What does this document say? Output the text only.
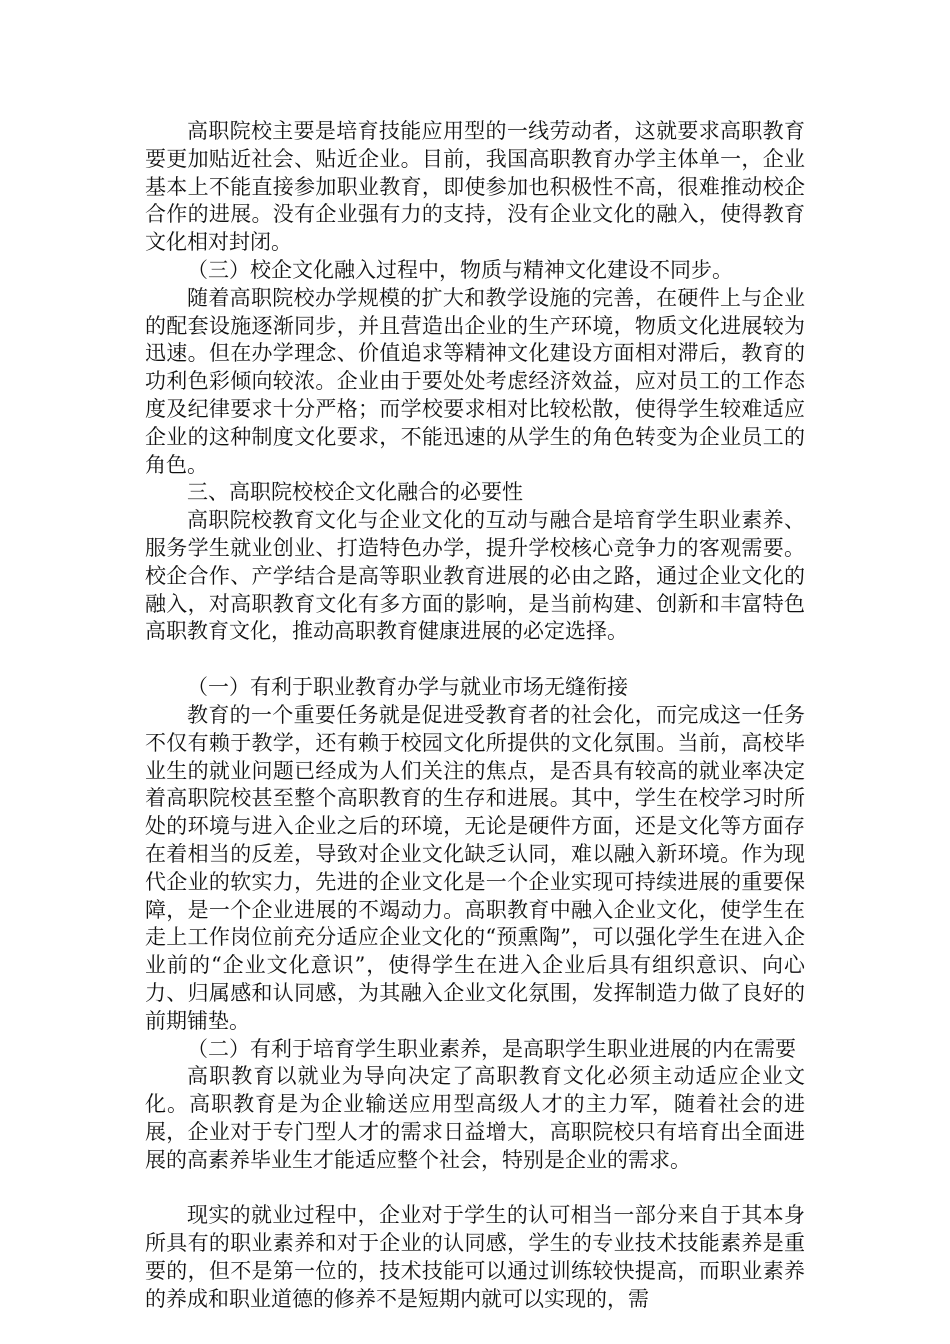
高职院校主要是培育技能应用型的一线劳动者，这就要求高职教育要更加贴近社会、贴近企业。目前，我国高职教育办学主体单一，企业基本上不能直接参加职业教育，即使参加也积极性不高，很难推动校企合作的进展。没有企业强有力的支持，没有企业文化的融入，使得教育文化相对封闭。

（三）校企文化融入过程中，物质与精神文化建设不同步。

随着高职院校办学规模的扩大和教学设施的完善，在硬件上与企业的配套设施逐渐同步，并且营造出企业的生产环境，物质文化进展较为迅速。但在办学理念、价值追求等精神文化建设方面相对滞后，教育的功利色彩倾向较浓。企业由于要处处考虑经济效益，应对员工的工作态度及纪律要求十分严格；而学校要求相对比较松散，使得学生较难适应企业的这种制度文化要求，不能迅速的从学生的角色转变为企业员工的角色。

三、高职院校校企文化融合的必要性

高职院校教育文化与企业文化的互动与融合是培育学生职业素养、服务学生就业创业、打造特色办学，提升学校核心竞争力的客观需要。校企合作、产学结合是高等职业教育进展的必由之路，通过企业文化的融入，对高职教育文化有多方面的影响，是当前构建、创新和丰富特色高职教育文化，推动高职教育健康进展的必定选择。

（一）有利于职业教育办学与就业市场无缝衔接

教育的一个重要任务就是促进受教育者的社会化，而完成这一任务不仅有赖于教学，还有赖于校园文化所提供的文化氛围。当前，高校毕业生的就业问题已经成为人们关注的焦点，是否具有较高的就业率决定着高职院校甚至整个高职教育的生存和进展。其中，学生在校学习时所处的环境与进入企业之后的环境，无论是硬件方面，还是文化等方面存在着相当的反差，导致对企业文化缺乏认同，难以融入新环境。作为现代企业的软实力，先进的企业文化是一个企业实现可持续进展的重要保障，是一个企业进展的不竭动力。高职教育中融入企业文化，使学生在走上工作岗位前充分适应企业文化的“预熏陶”，可以强化学生在进入企业前的“企业文化意识”，使得学生在进入企业后具有组织意识、向心力、归属感和认同感，为其融入企业文化氛围，发挥制造力做了良好的前期铺垫。

（二）有利于培育学生职业素养，是高职学生职业进展的内在需要

高职教育以就业为导向决定了高职教育文化必须主动适应企业文化。高职教育是为企业输送应用型高级人才的主力军，随着社会的进展，企业对于专门型人才的需求日益增大，高职院校只有培育出全面进展的高素养毕业生才能适应整个社会，特别是企业的需求。

现实的就业过程中，企业对于学生的认可相当一部分来自于其本身所具有的职业素养和对于企业的认同感，学生的专业技术技能素养是重要的，但不是第一位的，技术技能可以通过训练较快提高，而职业素养的养成和职业道德的修养不是短期内就可以实现的，需
